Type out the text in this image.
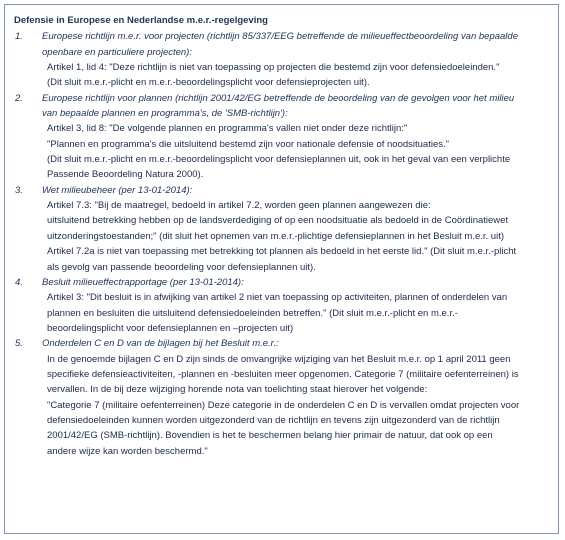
Defensie in Europese en Nederlandse m.e.r.-regelgeving
1. Europese richtlijn m.e.r. voor projecten (richtlijn 85/337/EEG betreffende de milieueffectbeoordeling van bepaalde
openbare en particuliere projecten):
Artikel 1, lid 4: "Deze richtlijn is niet van toepassing op projecten die bestemd zijn voor defensiedoeleinden."
(Dit sluit m.e.r.-plicht en m.e.r.-beoordelingsplicht voor defensieprojecten uit).
2. Europese richtlijn voor plannen (richtlijn 2001/42/EG betreffende de beoordeling van de gevolgen voor het milieu
van bepaalde plannen en programma's, de 'SMB-richtlijn'):
Artikel 3, lid 8: "De volgende plannen en programma's vallen niet onder deze richtlijn:"
"Plannen en programma's die uitsluitend bestemd zijn voor nationale defensie of noodsituaties."
(Dit sluit m.e.r.-plicht en m.e.r.-beoordelingsplicht voor defensieplannen uit, ook in het geval van een verplichte
Passende Beoordeling Natura 2000).
3. Wet milieubeheer (per 13-01-2014):
Artikel 7.3: "Bij de maatregel, bedoeld in artikel 7.2, worden geen plannen aangewezen die:
uitsluitend betrekking hebben op de landsverdediging of op een noodsituatie als bedoeld in de Coördinatiewet
uitzonderingstoestanden;" (dit sluit het opnemen van m.e.r.-plichtige defensieplannen in het Besluit m.e.r. uit)
Artikel 7.2a is niet van toepassing met betrekking tot plannen als bedoeld in het eerste lid." (Dit sluit m.e.r.-plicht
als gevolg van passende beoordeling voor defensieplannen uit).
4. Besluit milieueffectrapportage (per 13-01-2014):
Artikel 3: "Dit besluit is in afwijking van artikel 2 niet van toepassing op activiteiten, plannen of onderdelen van
plannen en besluiten die uitsluitend defensiedoeleinden betreffen." (Dit sluit m.e.r.-plicht en m.e.r.-
beoordelingsplicht voor defensieplannen en –projecten uit)
5. Onderdelen C en D van de bijlagen bij het Besluit m.e.r.:
In de genoemde bijlagen C en D zijn sinds de omvangrijke wijziging van het Besluit m.e.r. op 1 april 2011 geen
specifieke defensieactiviteiten, -plannen en -besluiten meer opgenomen. Categorie 7 (militaire oefenterreinen) is
vervallen. In de bij deze wijziging horende nota van toelichting staat hierover het volgende:
"Categorie 7 (militaire oefenterreinen) Deze categorie in de onderdelen C en D is vervallen omdat projecten voor
defensiedoeleinden kunnen worden uitgezonderd van de richtlijn en tevens zijn uitgezonderd van de richtlijn
2001/42/EG (SMB-richtlijn). Bovendien is het te beschermen belang hier primair de natuur, dat ook op een
andere wijze kan worden beschermd."
